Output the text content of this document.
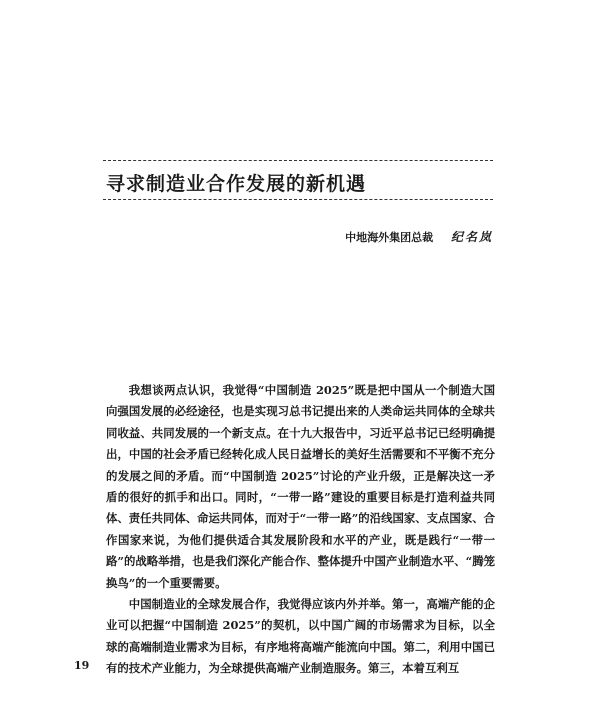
寻求制造业合作发展的新机遇
中地海外集团总裁 纪名岚

我想谈两点认识，我觉得“中国制造 2025”既是把中国从一个制造大国向强国发展的必经途径，也是实现习总书记提出来的人类命运共同体的全球共同收益、共同发展的一个新支点。在十九大报告中，习近平总书记已经明确提出，中国的社会矛盾已经转化成人民日益增长的美好生活需要和不平衡不充分的发展之间的矛盾。而“中国制造 2025”讨论的产业升级，正是解决这一矛盾的很好的抓手和出口。同时，“一带一路”建设的重要目标是打造利益共同体、责任共同体、命运共同体，而对于“一带一路”的沿线国家、支点国家、合作国家来说，为他们提供适合其发展阶段和水平的产业，既是践行“一带一路”的战略举措，也是我们深化产能合作、整体提升中国产业制造水平、“腾笼换鸟”的一个重要需要。

中国制造业的全球发展合作，我觉得应该内外并举。第一，高端产能的企业可以把握“中国制造 2025”的契机，以中国广阔的市场需求为目标，以全球的高端制造业需求为目标，有序地将高端产能流向中国。第二，利用中国已有的技术产业能力，为全球提供高端产业制造服务。第三，本着互利互

19
